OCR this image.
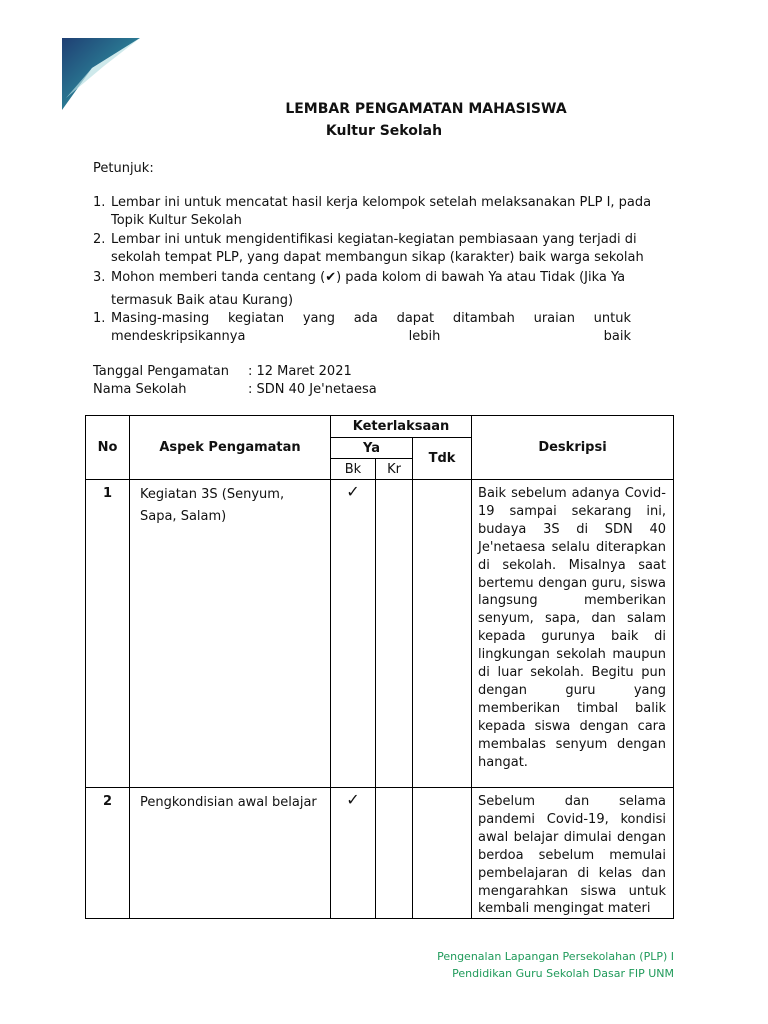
LEMBAR PENGAMATAN MAHASISWA
Kultur Sekolah
Petunjuk:
1. Lembar ini untuk mencatat hasil kerja kelompok setelah melaksanakan PLP I, pada Topik Kultur Sekolah
2. Lembar ini untuk mengidentifikasi kegiatan-kegiatan pembiasaan yang terjadi di sekolah tempat PLP, yang dapat membangun sikap (karakter) baik warga sekolah
3. Mohon memberi tanda centang (✔) pada kolom di bawah Ya atau Tidak (Jika Ya
termasuk Baik atau Kurang)
1. Masing-masing kegiatan yang ada dapat ditambah uraian untuk mendeskripsikannya lebih baik
Tanggal Pengamatan : 12 Maret 2021
Nama Sekolah	: SDN 40 Je'netaesa
No	Aspek Pengamatan	Keterlaksaan			Deskripsi
		Ya		Tdk	
		Bk	Kr		
1	Kegiatan 3S (Senyum, Sapa, Salam)	✓			Baik sebelum adanya Covid-19 sampai sekarang ini, budaya 3S di SDN 40 Je'netaesa selalu diterapkan di sekolah. Misalnya saat bertemu dengan guru, siswa langsung memberikan senyum, sapa, dan salam kepada gurunya baik di lingkungan sekolah maupun di luar sekolah. Begitu pun dengan guru yang memberikan timbal balik kepada siswa dengan cara membalas senyum dengan hangat.
2	Pengkondisian awal belajar	✓			Sebelum dan selama pandemi Covid-19, kondisi awal belajar dimulai dengan berdoa sebelum memulai pembelajaran di kelas dan mengarahkan siswa untuk kembali mengingat materi
Pengenalan Lapangan Persekolahan (PLP) I
Pendidikan Guru Sekolah Dasar FIP UNM
